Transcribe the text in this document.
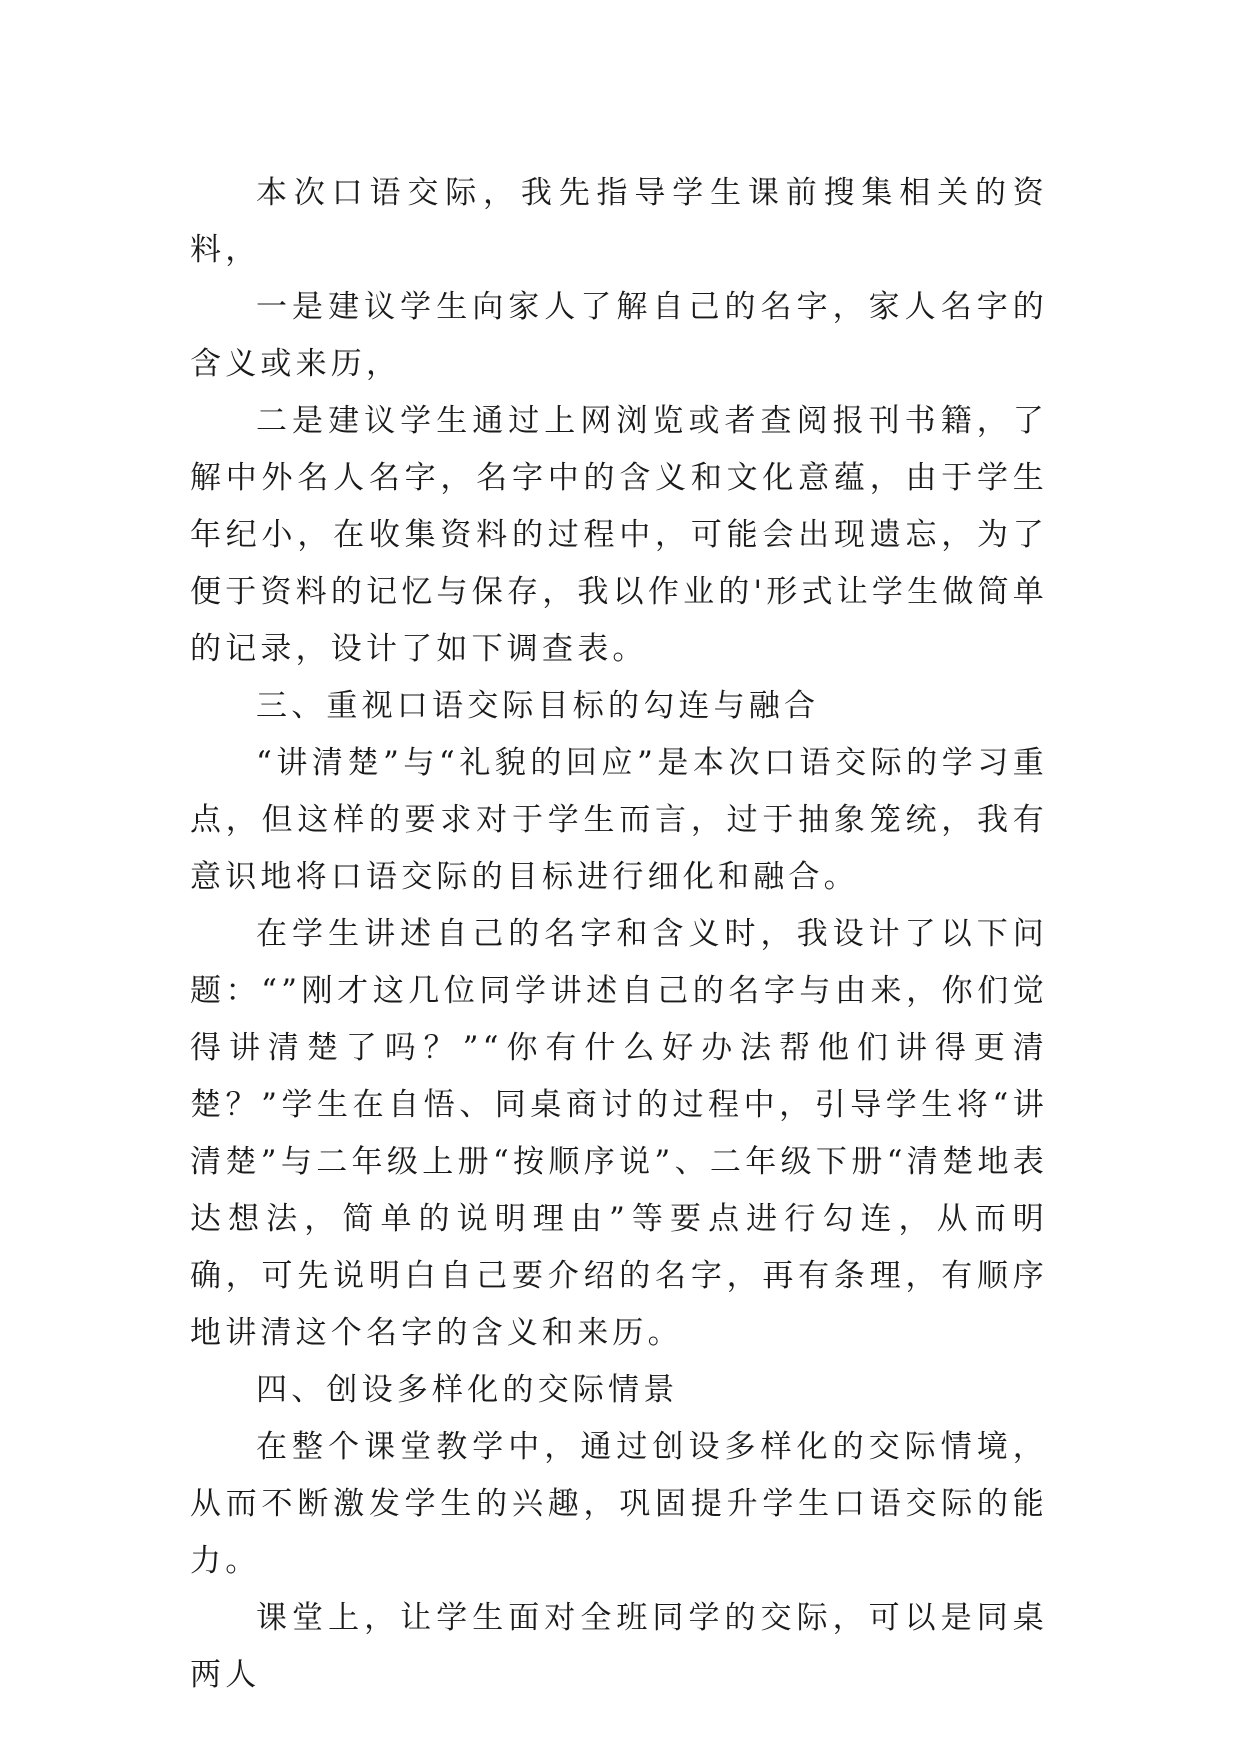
本次口语交际，我先指导学生课前搜集相关的资料，

一是建议学生向家人了解自己的名字，家人名字的含义或来历，

二是建议学生通过上网浏览或者查阅报刊书籍，了解中外名人名字，名字中的含义和文化意蕴，由于学生年纪小，在收集资料的过程中，可能会出现遗忘，为了便于资料的记忆与保存，我以作业的'形式让学生做简单的记录，设计了如下调查表。

三、重视口语交际目标的勾连与融合

“讲清楚”与“礼貌的回应”是本次口语交际的学习重点，但这样的要求对于学生而言，过于抽象笼统，我有意识地将口语交际的目标进行细化和融合。

在学生讲述自己的名字和含义时，我设计了以下问题：“”刚才这几位同学讲述自己的名字与由来，你们觉得讲清楚了吗？”“你有什么好办法帮他们讲得更清楚？”学生在自悟、同桌商讨的过程中，引导学生将“讲清楚”与二年级上册“按顺序说”、二年级下册“清楚地表达想法，简单的说明理由”等要点进行勾连，从而明确，可先说明白自己要介绍的名字，再有条理，有顺序地讲清这个名字的含义和来历。

四、创设多样化的交际情景

在整个课堂教学中，通过创设多样化的交际情境，从而不断激发学生的兴趣，巩固提升学生口语交际的能力。

课堂上，让学生面对全班同学的交际，可以是同桌两人
